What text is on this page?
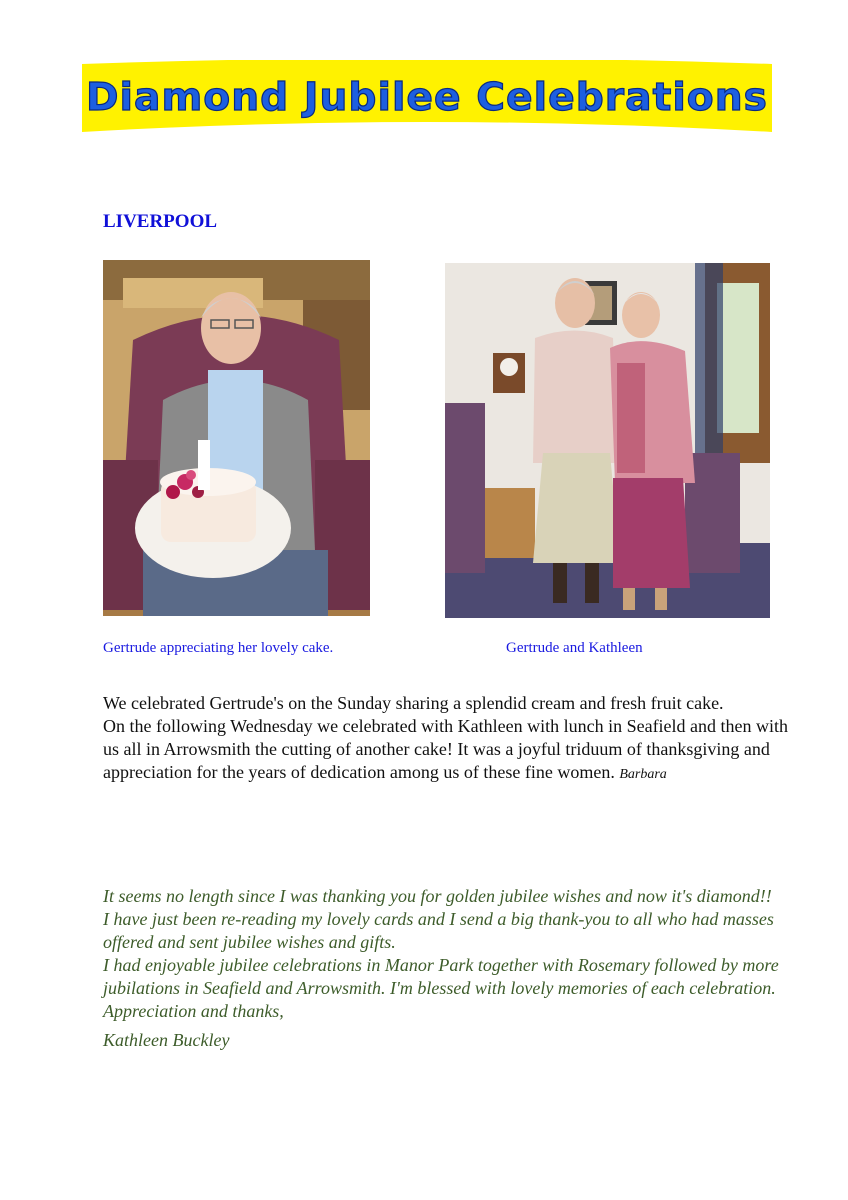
Diamond Jubilee Celebrations
LIVERPOOL
Gertrude appreciating her lovely cake.	Gertrude and Kathleen

We celebrated Gertrude's on the Sunday sharing a splendid cream and fresh fruit cake.

On the following Wednesday we celebrated with Kathleen with lunch in Seafield and then with us all in Arrowsmith the cutting of another cake! It was a joyful triduum of thanksgiving and appreciation for the years of dedication among us of these fine women. Barbara

It seems no length since I was thanking you for golden jubilee wishes and now it's diamond!!

I have just been re-reading my lovely cards and I send a big thank-you to all who had masses offered and sent jubilee wishes and gifts.

I had enjoyable jubilee celebrations in Manor Park together with Rosemary followed by more jubilations in Seafield and Arrowsmith. I'm blessed with lovely memories of each celebration.

Appreciation and thanks,

Kathleen Buckley
